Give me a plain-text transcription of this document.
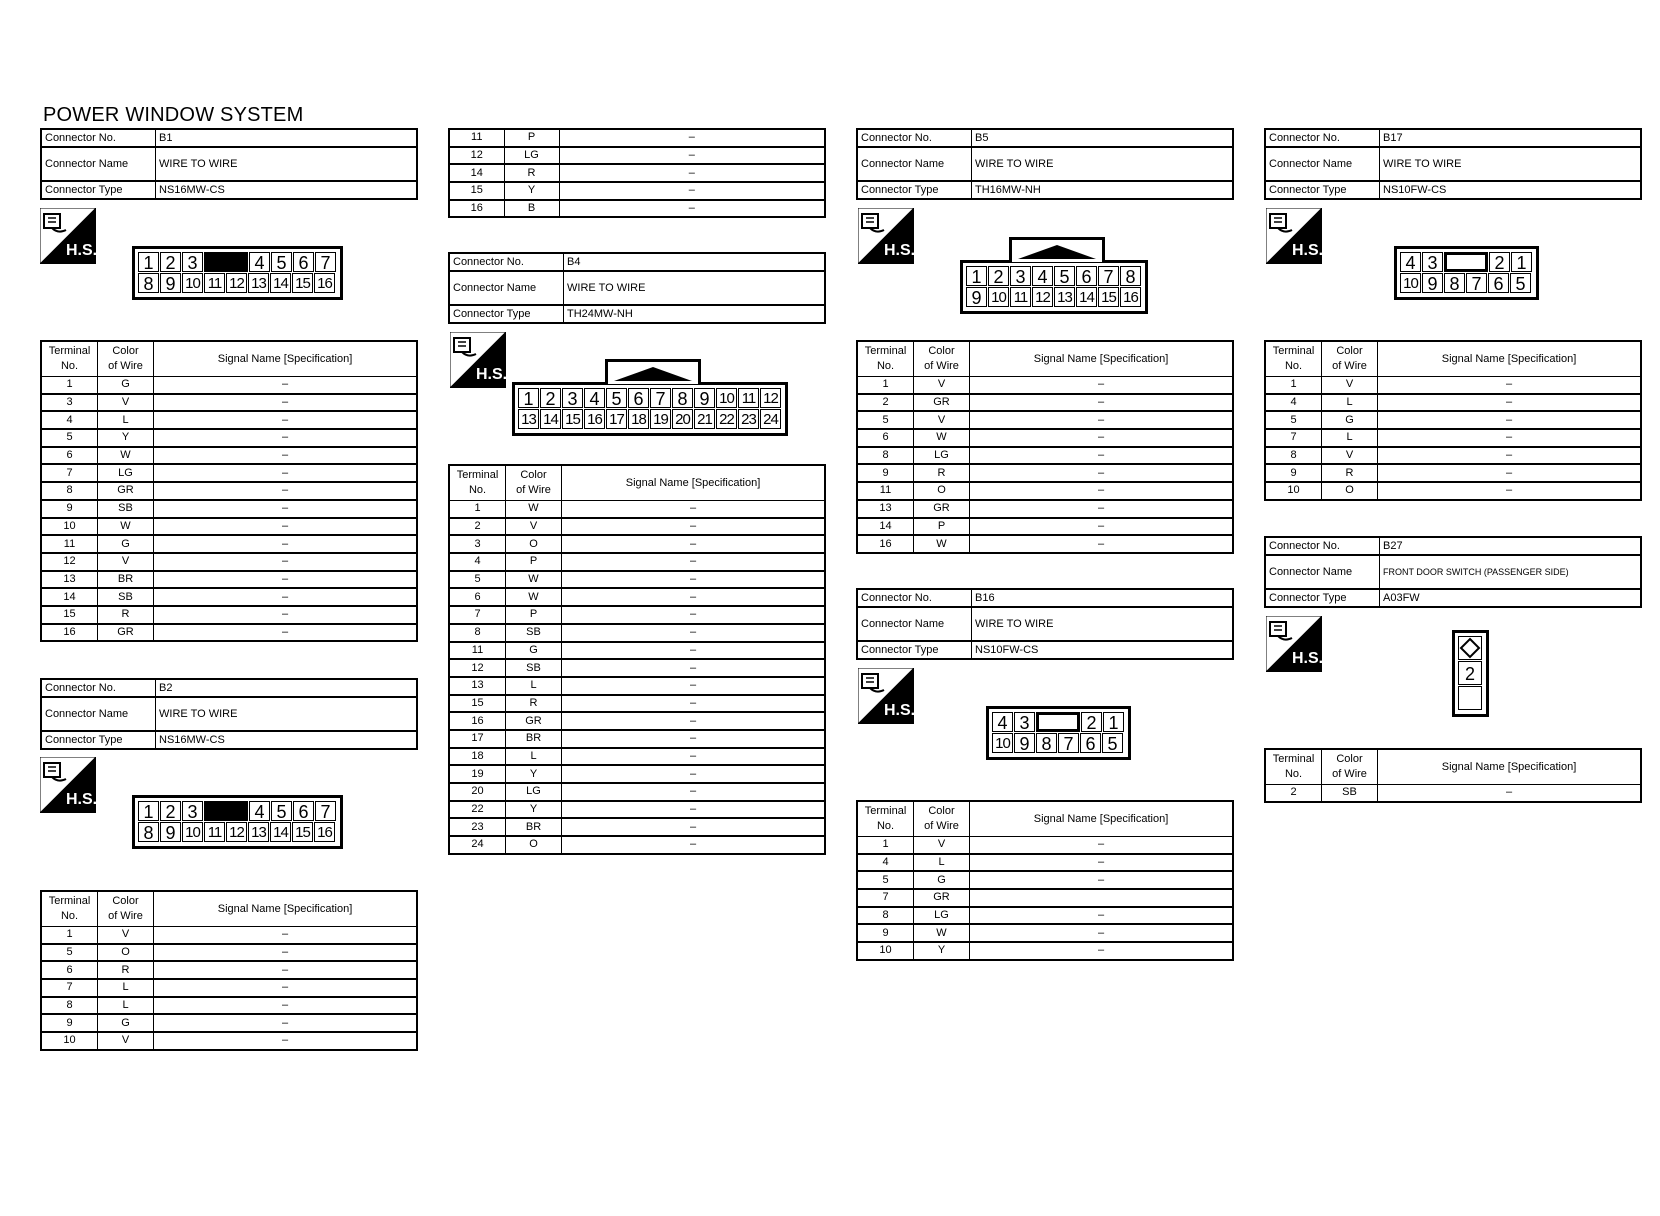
POWER WINDOW SYSTEM
Connector No.	B1
Connector Name	WIRE TO WIRE
Connector Type	NS16MW-CS
H.S.
1 2 3	4 5 6 7
8 9 10 11 12 13 14 15 16
Terminal
No.	Color
of Wire	Signal Name [Specification]
1	G	–
3	V	–
4	L	–
5	Y	–
6	W	–
7	LG	–
8	GR	–
9	SB	–
10	W	–
11	G	–
12	V	–
13	BR	–
14	SB	–
15	R	–
16	GR	–
Connector No.	B2
Connector Name	WIRE TO WIRE
Connector Type	NS16MW-CS
H.S.
1 2 3	4 5 6 7
8 9 10 11 12 13 14 15 16
Terminal
No.	Color
of Wire	Signal Name [Specification]
1	V	–
5	O	–
6	R	–
7	L	–
8	L	–
9	G	–
10	V	–
11	P	–
12	LG	–
14	R	–
15	Y	–
16	B	–
Connector No.	B4
Connector Name	WIRE TO WIRE
Connector Type	TH24MW-NH
H.S.
1 2 3 4 5 6 7 8 9 10 11 12
13 14 15 16 17 18 19 20 21 22 23 24
Terminal
No.	Color
of Wire	Signal Name [Specification]
1	W	–
2	V	–
3	O	–
4	P	–
5	W	–
6	W	–
7	P	–
8	SB	–
11	G	–
12	SB	–
13	L	–
15	R	–
16	GR	–
17	BR	–
18	L	–
19	Y	–
20	LG	–
22	Y	–
23	BR	–
24	O	–
Connector No.	B5
Connector Name	WIRE TO WIRE
Connector Type	TH16MW-NH
H.S.
1 2 3 4 5 6 7 8
9 10 11 12 13 14 15 16
Terminal
No.	Color
of Wire	Signal Name [Specification]
1	V	–
2	GR	–
5	V	–
6	W	–
8	LG	–
9	R	–
11	O	–
13	GR	–
14	P	–
16	W	–
Connector No.	B16
Connector Name	WIRE TO WIRE
Connector Type	NS10FW-CS
H.S.
4 3	2 1
10 9 8 7 6 5
Terminal
No.	Color
of Wire	Signal Name [Specification]
1	V	–
4	L	–
5	G	–
7	GR	
8	LG	–
9	W	–
10	Y	–
Connector No.	B17
Connector Name	WIRE TO WIRE
Connector Type	NS10FW-CS
H.S.
4 3	2 1
10 9 8 7 6 5
Terminal
No.	Color
of Wire	Signal Name [Specification]
1	V	–
4	L	–
5	G	–
7	L	–
8	V	–
9	R	–
10	O	–
Connector No.	B27
Connector Name	FRONT DOOR SWITCH (PASSENGER SIDE)
Connector Type	A03FW
H.S.
2
Terminal
No.	Color
of Wire	Signal Name [Specification]
2	SB	–
